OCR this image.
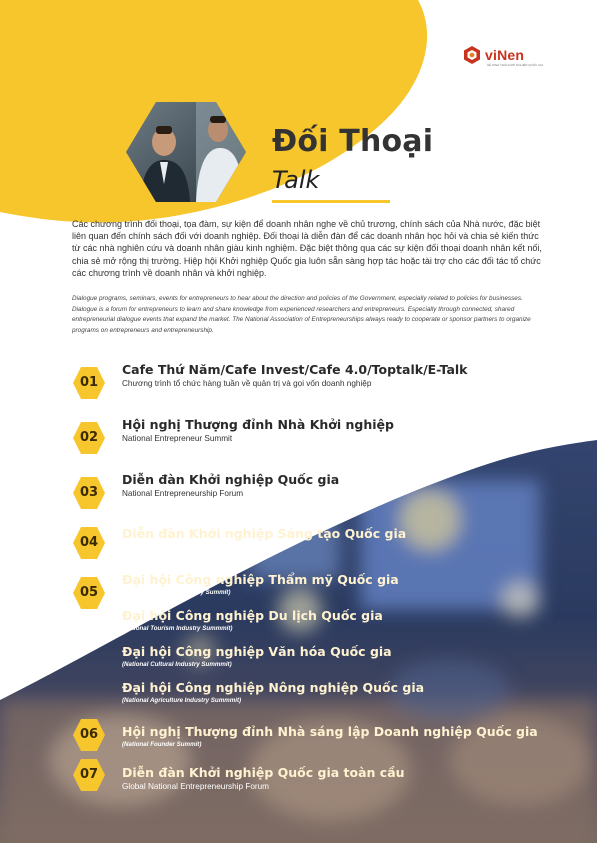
viNen
HỆ SINH THÁI KHỞI NGHIỆP QUỐC GIA
Đối Thoại
Talk

Các chương trình đối thoại, tọa đàm, sự kiện để doanh nhân nghe về chủ trương, chính sách của Nhà nước, đặc biệt liên quan đến chính sách đối với doanh nghiệp. Đối thoại là diễn đàn để các doanh nhân học hỏi và chia sẻ kiến thức từ các nhà nghiên cứu và doanh nhân giàu kinh nghiệm. Đặc biệt thông qua các sự kiện đối thoại doanh nhân kết nối, chia sẻ mở rộng thị trường. Hiệp hội Khởi nghiệp Quốc gia luôn sẵn sàng hợp tác hoặc tài trợ cho các đối tác tổ chức các chương trình về doanh nhân và khởi nghiệp.

Dialogue programs, seminars, events for entrepreneurs to hear about the direction and policies of the Government, especially related to policies for businesses. Dialogue is a forum for entrepreneurs to learn and share knowledge from experienced researchers and entrepreneurs. Especially through connected, shared entrepreneurial dialogue events that expand the market. The National Association of Entrepreneurships always ready to cooperate or sponsor partners to organize programs on entrepreneurs and entrepreneurship.

01
Cafe Thứ Năm/Cafe Invest/Cafe 4.0/Toptalk/E-Talk
Chương trình tổ chức hàng tuần về quản trị và gọi vốn doanh nghiệp
02
Hội nghị Thượng đỉnh Nhà Khởi nghiệp
National Entrepreneur Summit
03
Diễn đàn Khởi nghiệp Quốc gia
National Entrepreneurship Forum
04
Diễn đàn Khởi nghiệp Sáng tạo Quốc gia
National Startup Forum
05
Đại hội Công nghiệp Thẩm mỹ Quốc gia
(National Aesthetic Industry Summit)
Đại hội Công nghiệp Du lịch Quốc gia
(National Tourism Industry Summmit)
Đại hội Công nghiệp Văn hóa Quốc gia
(National Cultural Industry Summmit)
Đại hội Công nghiệp Nông nghiệp Quốc gia
(National Agriculture Industry Summmit)
06	Hội nghị Thượng đỉnh Nhà sáng lập Doanh nghiệp Quốc gia
(National Founder Summit)
07	Diễn đàn Khởi nghiệp Quốc gia toàn cầu
Global National Entrepreneurship Forum
